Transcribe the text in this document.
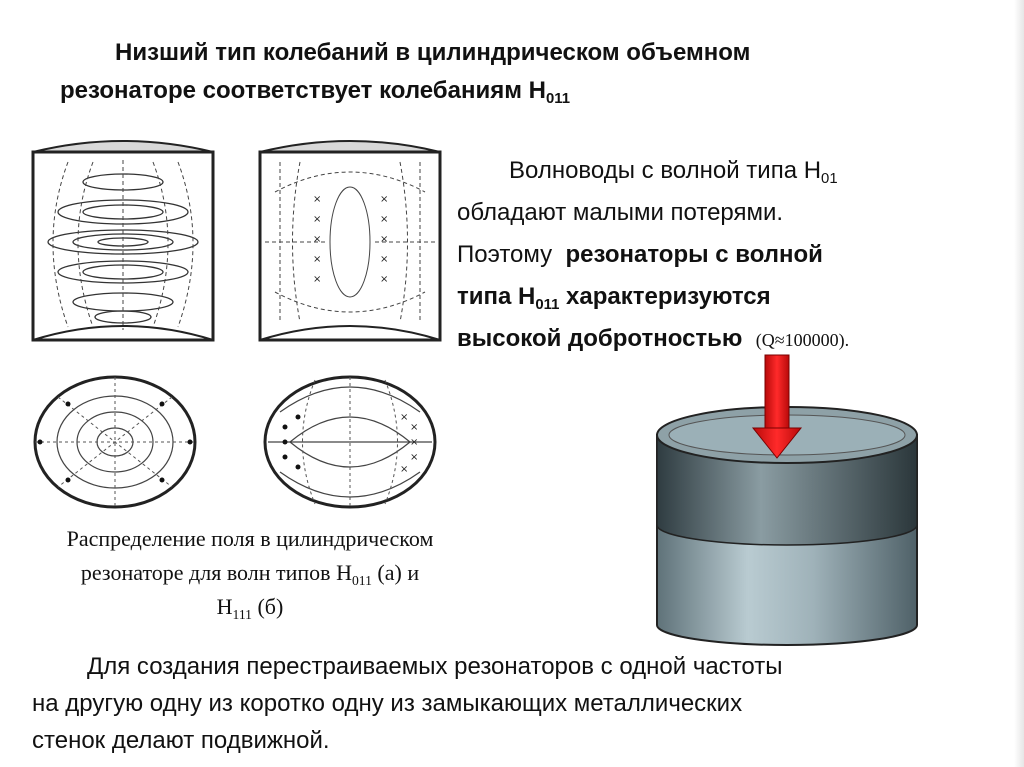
Низший тип колебаний в цилиндрическом объемном
резонаторе соответствует колебаниям $H_{011}$
×
×
×
×
×
×
×
×
×
×
×
×
×
×
×
Распределение поля в цилиндрическом
резонаторе для волн типов $H_{011}$ (а) и
$H_{111}$ (б)
Волноводы с волной типа $H_{01}$
обладают малыми потерями.
Поэтому резонаторы с волной
типа $H_{011}$ характеризуются
высокой добротностью (Q≈100000).
Для создания перестраиваемых резонаторов с одной частоты
на другую одну из коротко одну из замыкающих металлических
стенок делают подвижной.
